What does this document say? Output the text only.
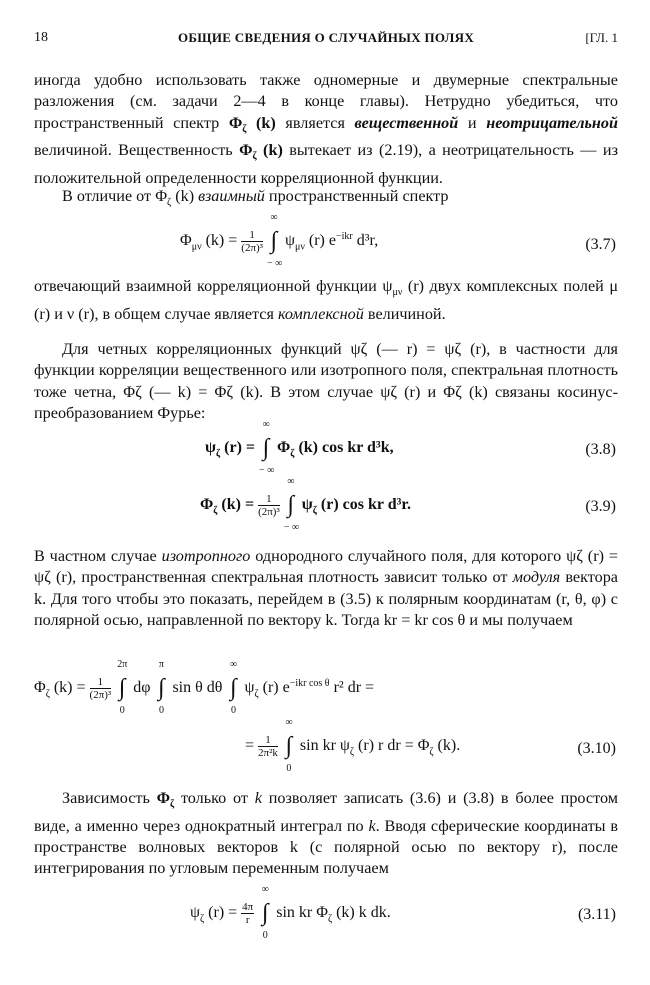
18	ОБЩИЕ СВЕДЕНИЯ О СЛУЧАЙНЫХ ПОЛЯХ	[ГЛ. 1
иногда удобно использовать также одномерные и двумерные спектральные разложения (см. задачи 2—4 в конце главы). Нетрудно убедиться, что пространственный спектр $\Phi_\zeta$ (k) является вещественной и неотрицательной величиной. Вещественность $\Phi_\zeta$ (k) вытекает из (2.19), а неотрицательность — из положительной определенности корреляционной функции.
В отличие от $\Phi_\zeta$ (k) взаимный пространственный спектр
$\Phi_{\mu\nu}$ $(k) = \frac{1}{\text{(2π)³}}$ ∫
∞
− ∞
$\psi_{\mu\nu}$ (r) $e^{-ikr}$ d³r,	(3.7)
отвечающий взаимной корреляционной функции $\psi_{\mu\nu}$ (r) двух комплексных полей μ (r) и ν (r), в общем случае является комплексной величиной.
Для четных корреляционных функций ψζ (— r) = ψζ (r), в частности для функции корреляции вещественного или изотропного поля, спектральная плотность тоже четна, Φζ (— k) = Φζ (k). В этом случае ψζ (r) и Φζ (k) связаны косинус-преобразованием Фурье:
$\psi_\zeta$ (r) = ∫
∞
− ∞
$\Phi_\zeta$ (k) cos kr d³k,	(3.8)
$\Phi_\zeta$ $(k) = \frac{1}{\text{(2π)³}}$ ∫
∞
− ∞
$\psi_\zeta$ (r) cos kr d³r.	(3.9)
В частном случае изотропного однородного случайного поля, для которого ψζ (r) = ψζ (r), пространственная спектральная плотность зависит только от модуля вектора k. Для того чтобы это показать, перейдем в (3.5) к полярным координатам (r, θ, φ) с полярной осью, направленной по вектору k. Тогда kr = kr cos θ и мы получаем
$\Phi_\zeta$ $(k) = \frac{1}{\text{(2π)³}}$ ∫
2π
0
dφ ∫
π
0
sin θ dθ ∫
∞
0
$\psi_\zeta$ (r) $e^{-ikr cos \theta}$ r² dr =
= $\frac{1}{\text{2π²k}}$ ∫
∞
0
sin kr $\psi_\zeta$ (r) r dr = $\Phi_\zeta$ (k).	(3.10)
Зависимость $\Phi_\zeta$ только от k позволяет записать (3.6) и (3.8) в более простом виде, а именно через однократный интеграл по k. Вводя сферические координаты в пространстве волновых векторов k (с полярной осью по вектору r), после интегрирования по угловым переменным получаем
$\psi_\zeta$ $(r) = \frac{4\pi}{r}$ ∫
∞
0
sin kr $\Phi_\zeta$ (k) k dk.	(3.11)
